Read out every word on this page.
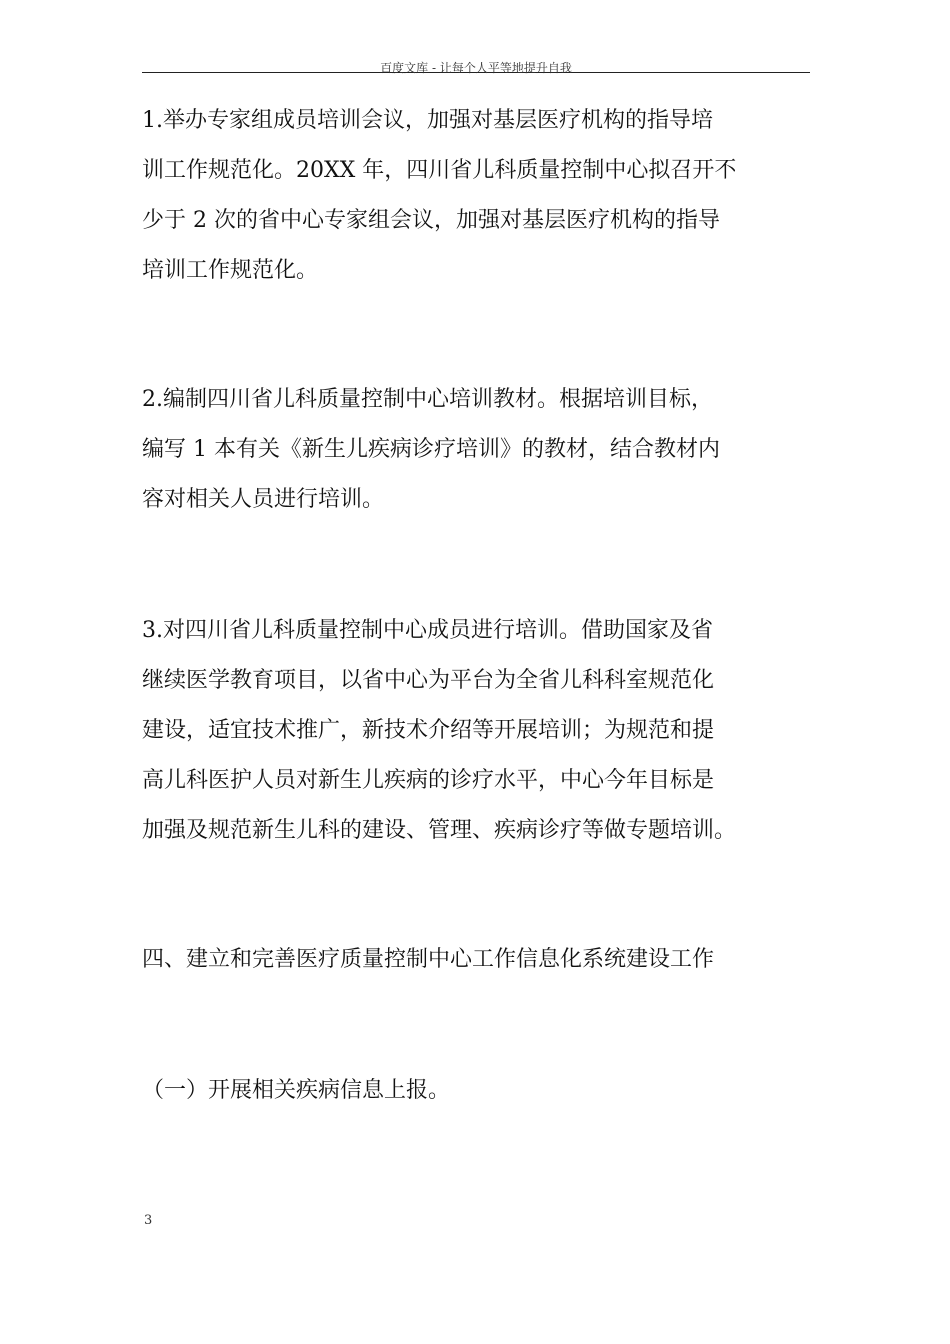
百度文库 - 让每个人平等地提升自我
1.举办专家组成员培训会议，加强对基层医疗机构的指导培
训工作规范化。20XX 年，四川省儿科质量控制中心拟召开不
少于 2 次的省中心专家组会议，加强对基层医疗机构的指导
培训工作规范化。
2.编制四川省儿科质量控制中心培训教材。根据培训目标，
编写 1 本有关《新生儿疾病诊疗培训》的教材，结合教材内
容对相关人员进行培训。
3.对四川省儿科质量控制中心成员进行培训。借助国家及省
继续医学教育项目，以省中心为平台为全省儿科科室规范化
建设，适宜技术推广，新技术介绍等开展培训；为规范和提
高儿科医护人员对新生儿疾病的诊疗水平，中心今年目标是
加强及规范新生儿科的建设、管理、疾病诊疗等做专题培训。
四、建立和完善医疗质量控制中心工作信息化系统建设工作
（一）开展相关疾病信息上报。
3
